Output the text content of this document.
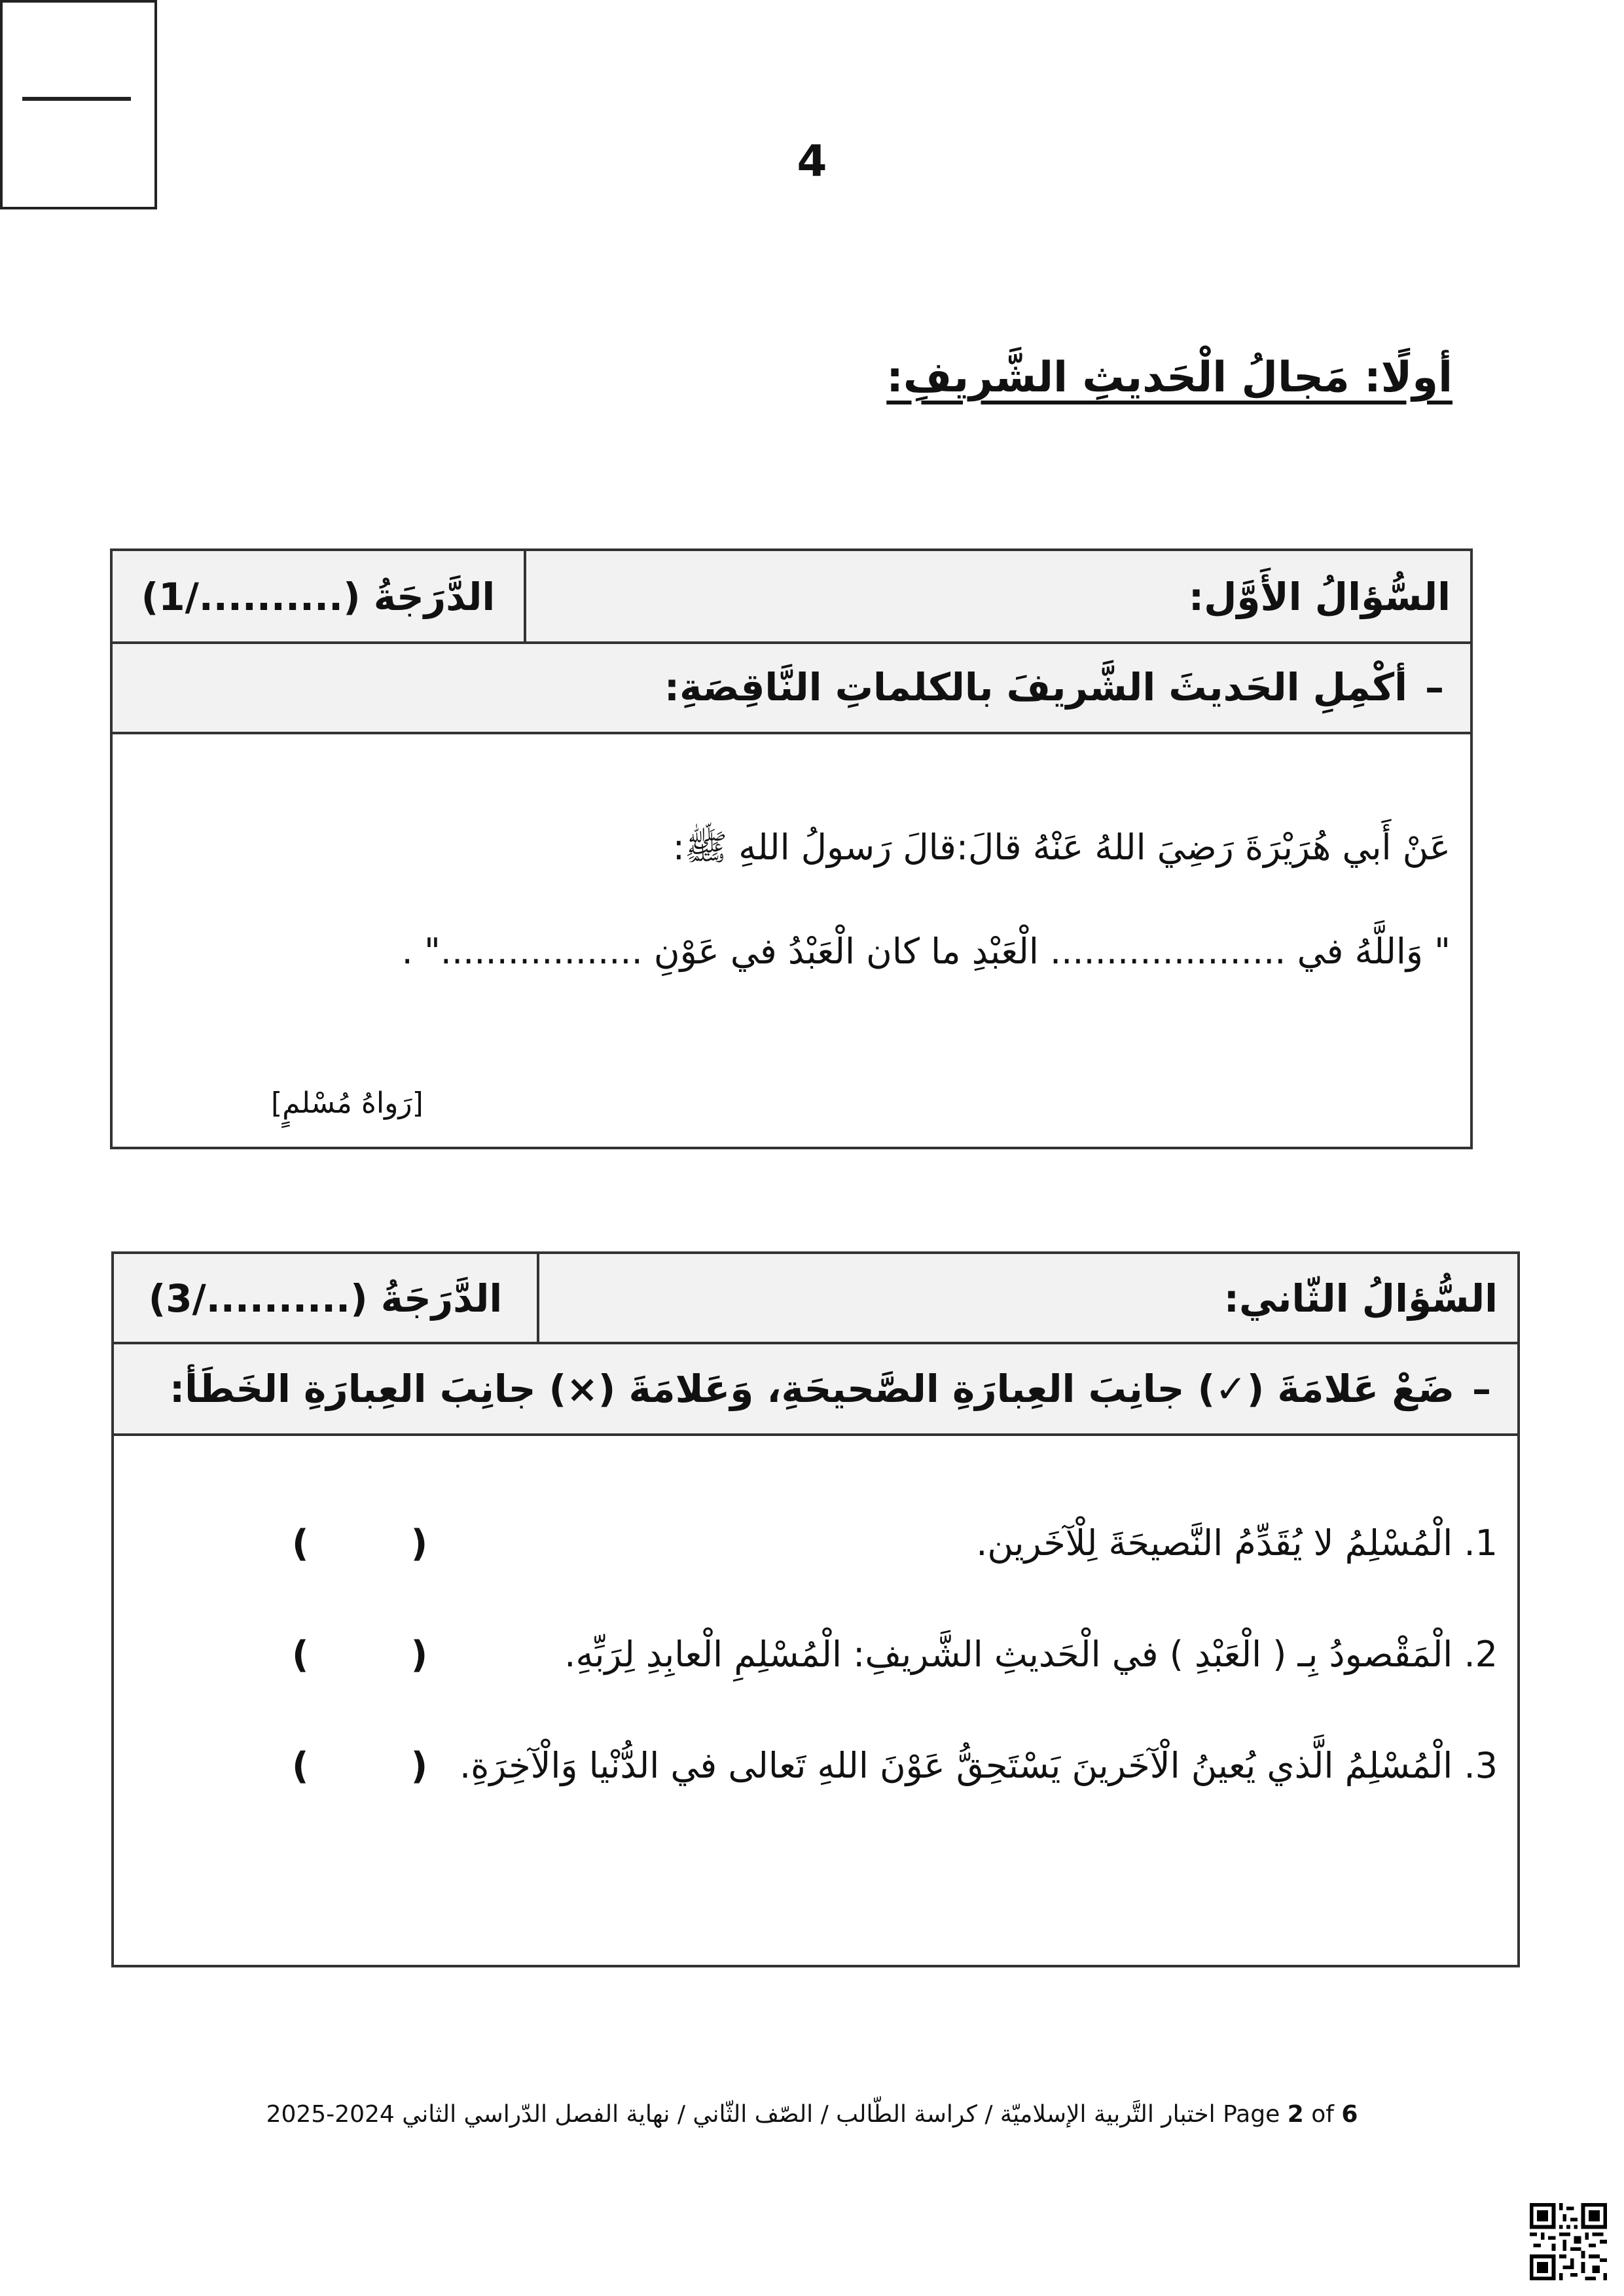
4
أولًا: مَجالُ الْحَديثِ الشَّريفِ:
الدَّرَجَةُ (........../1)	السُّؤالُ الأَوَّل:
–
أكْمِلِ الحَديثَ الشَّريفَ بالكلماتِ النَّاقِصَةِ:
عَنْ أَبي هُرَيْرَةَ رَضِيَ اللهُ عَنْهُ قالَ:قالَ رَسولُ اللهِ ﷺ:
" وَاللَّهُ في ..................... الْعَبْدِ ما كان الْعَبْدُ في عَوْنِ .................." .
[رَواهُ مُسْلمٍ]
الدَّرَجَةُ (........../3)	السُّؤالُ الثّاني:
–
ضَعْ عَلامَةَ (✓) جانِبَ العِبارَةِ الصَّحيحَةِ، وَعَلامَةَ (×) جانِبَ العِبارَةِ الخَطَأ:
1. الْمُسْلِمُ لا يُقَدِّمُ النَّصيحَةَ لِلْآخَرين.
(        )
2. الْمَقْصودُ بِـ ( الْعَبْدِ ) في الْحَديثِ الشَّريفِ: الْمُسْلِمِ الْعابِدِ لِرَبِّهِ.
(        )
3. الْمُسْلِمُ الَّذي يُعينُ الْآخَرينَ يَسْتَحِقُّ عَوْنَ اللهِ تَعالى في الدُّنْيا وَالْآخِرَةِ.
(        )
اختبار التَّربية الإسلاميّة / كراسة الطّالب / الصّف الثّاني / نهاية الفصل الدّراسي الثاني 2024-2025 Page 2 of 6
